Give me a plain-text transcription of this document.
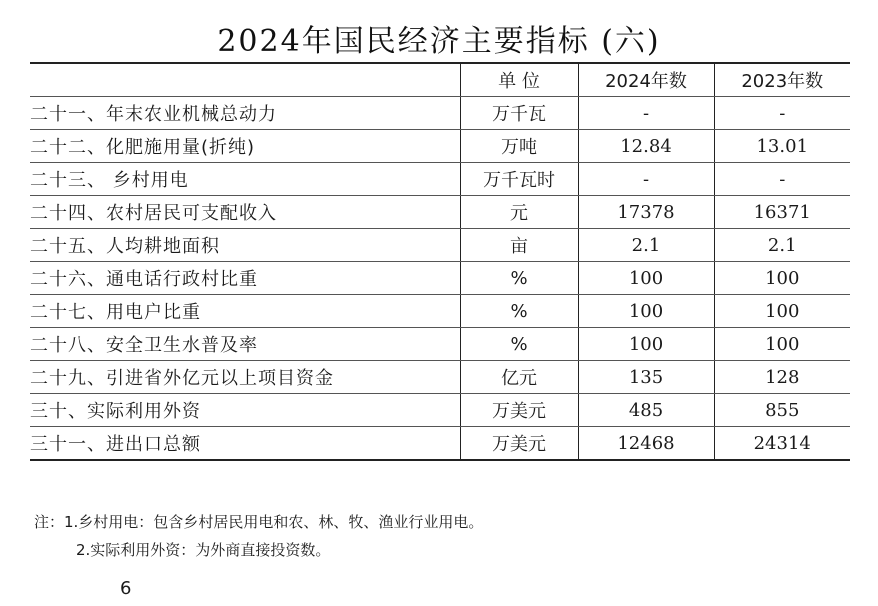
2024年国民经济主要指标 (六)
	单 位	2024年数	2023年数
二十一、年末农业机械总动力	万千瓦	-	-
二十二、化肥施用量(折纯)	万吨	12.84	13.01
二十三、 乡村用电	万千瓦时	-	-
二十四、农村居民可支配收入	元	17378	16371
二十五、人均耕地面积	亩	2.1	2.1
二十六、通电话行政村比重	%	100	100
二十七、用电户比重	%	100	100
二十八、安全卫生水普及率	%	100	100
二十九、引进省外亿元以上项目资金	亿元	135	128
三十、实际利用外资	万美元	485	855
三十一、进出口总额	万美元	12468	24314
注：1.乡村用电：包含乡村居民用电和农、林、牧、渔业行业用电。
2.实际利用外资：为外商直接投资数。
6
